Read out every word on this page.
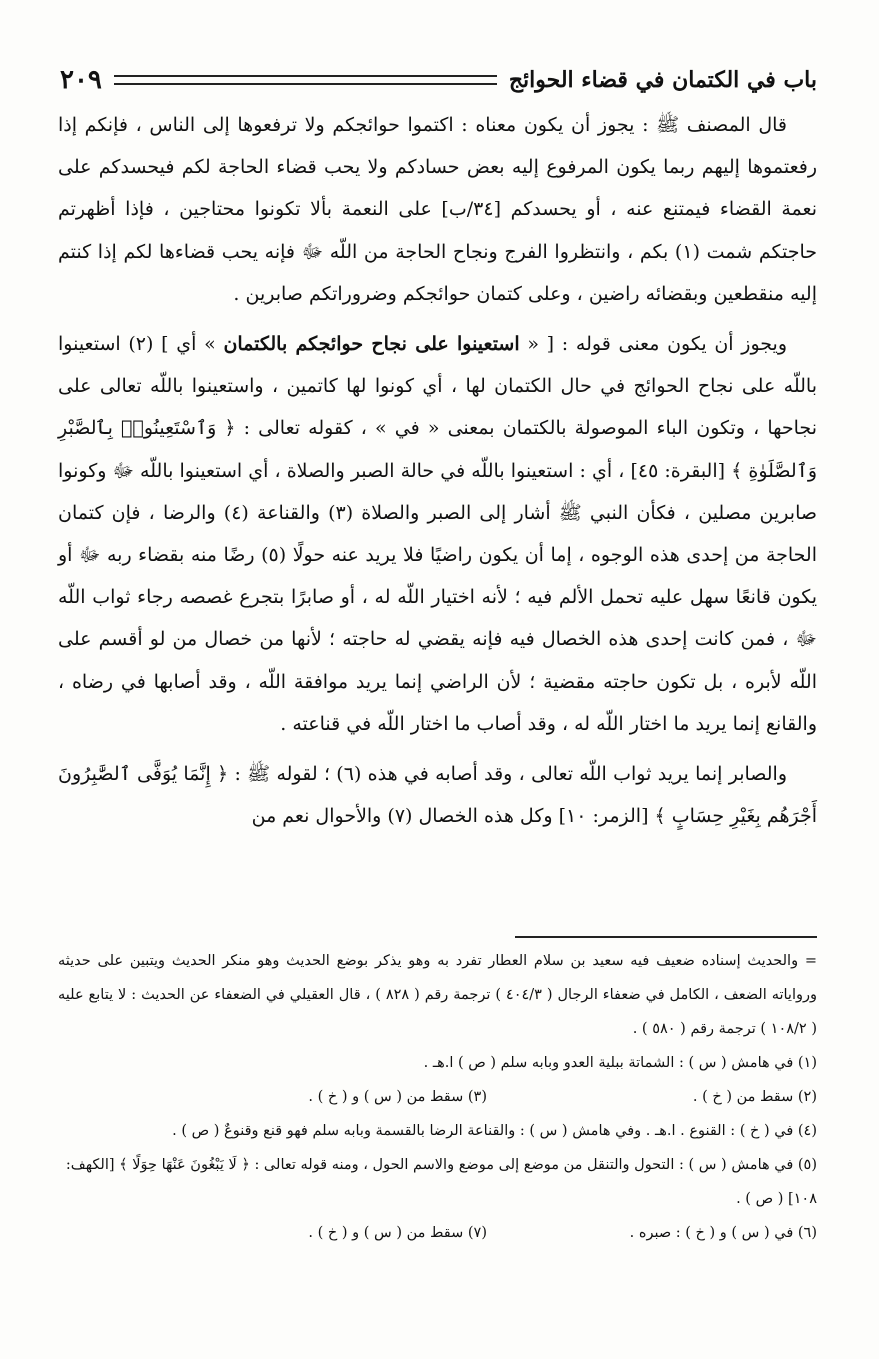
باب في الكتمان في قضاء الحوائج
٢٠٩

قال المصنف ﷺ : يجوز أن يكون معناه : اكتموا حوائجكم ولا ترفعوها إلى الناس ، فإنكم إذا رفعتموها إليهم ربما يكون المرفوع إليه بعض حسادكم ولا يحب قضاء الحاجة لكم فيحسدكم على نعمة القضاء فيمتنع عنه ، أو يحسدكم [٣٤/ب] على النعمة بألا تكونوا محتاجين ، فإذا أظهرتم حاجتكم شمت (١) بكم ، وانتظروا الفرج ونجاح الحاجة من اللّه ﷻ فإنه يحب قضاءها لكم إذا كنتم إليه منقطعين وبقضائه راضين ، وعلى كتمان حوائجكم وضروراتكم صابرين .

ويجوز أن يكون معنى قوله : [ « استعينوا على نجاح حوائجكم بالكتمان » أي ] (٢) استعينوا باللّه على نجاح الحوائج في حال الكتمان لها ، أي كونوا لها كاتمين ، واستعينوا باللّه تعالى على نجاحها ، وتكون الباء الموصولة بالكتمان بمعنى « في » ، كقوله تعالى : ﴿ وَٱسْتَعِينُوا۟ بِٱلصَّبْرِ وَٱلصَّلَوٰةِ ﴾ [البقرة: ٤٥] ، أي : استعينوا باللّه في حالة الصبر والصلاة ، أي استعينوا باللّه ﷻ وكونوا صابرين مصلين ، فكأن النبي ﷺ أشار إلى الصبر والصلاة (٣) والقناعة (٤) والرضا ، فإن كتمان الحاجة من إحدى هذه الوجوه ، إما أن يكون راضيًا فلا يريد عنه حولًا (٥) رضًا منه بقضاء ربه ﷻ أو يكون قانعًا سهل عليه تحمل الألم فيه ؛ لأنه اختيار اللّه له ، أو صابرًا بتجرع غصصه رجاء ثواب اللّه ﷻ ، فمن كانت إحدى هذه الخصال فيه فإنه يقضي له حاجته ؛ لأنها من خصال من لو أقسم على اللّه لأبره ، بل تكون حاجته مقضية ؛ لأن الراضي إنما يريد موافقة اللّه ، وقد أصابها في رضاه ، والقانع إنما يريد ما اختار اللّه له ، وقد أصاب ما اختار اللّه في قناعته .

والصابر إنما يريد ثواب اللّه تعالى ، وقد أصابه في هذه (٦) ؛ لقوله ﷺ : ﴿ إِنَّمَا يُوَفَّى ٱلصَّٰبِرُونَ أَجْرَهُم بِغَيْرِ حِسَابٍ ﴾ [الزمر: ١٠] وكل هذه الخصال (٧) والأحوال نعم من

= والحديث إسناده ضعيف فيه سعيد بن سلام العطار تفرد به وهو يذكر بوضع الحديث وهو منكر الحديث ويتبين على حديثه ورواياته الضعف ، الكامل في ضعفاء الرجال ( ٤٠٤/٣ ) ترجمة رقم ( ٨٢٨ ) ، قال العقيلي في الضعفاء عن الحديث : لا يتابع عليه ( ١٠٨/٢ ) ترجمة رقم ( ٥٨٠ ) .

(١) في هامش ( س ) : الشماتة ببلية العدو وبابه سلم ( ص ) ا.هـ .

(٢) سقط من ( خ ) .
(٣) سقط من ( س ) و ( خ ) .

(٤) في ( خ ) : القنوع . ا.هـ . وفي هامش ( س ) : والقناعة الرضا بالقسمة وبابه سلم فهو قنع وقنوعٌ ( ص ) .

(٥) في هامش ( س ) : التحول والتنقل من موضع إلى موضع والاسم الحول ، ومنه قوله تعالى : ﴿ لَا يَبْغُونَ عَنْهَا حِوَلًا ﴾ [الكهف: ١٠٨] ( ص ) .

(٦) في ( س ) و ( خ ) : صبره .
(٧) سقط من ( س ) و ( خ ) .
